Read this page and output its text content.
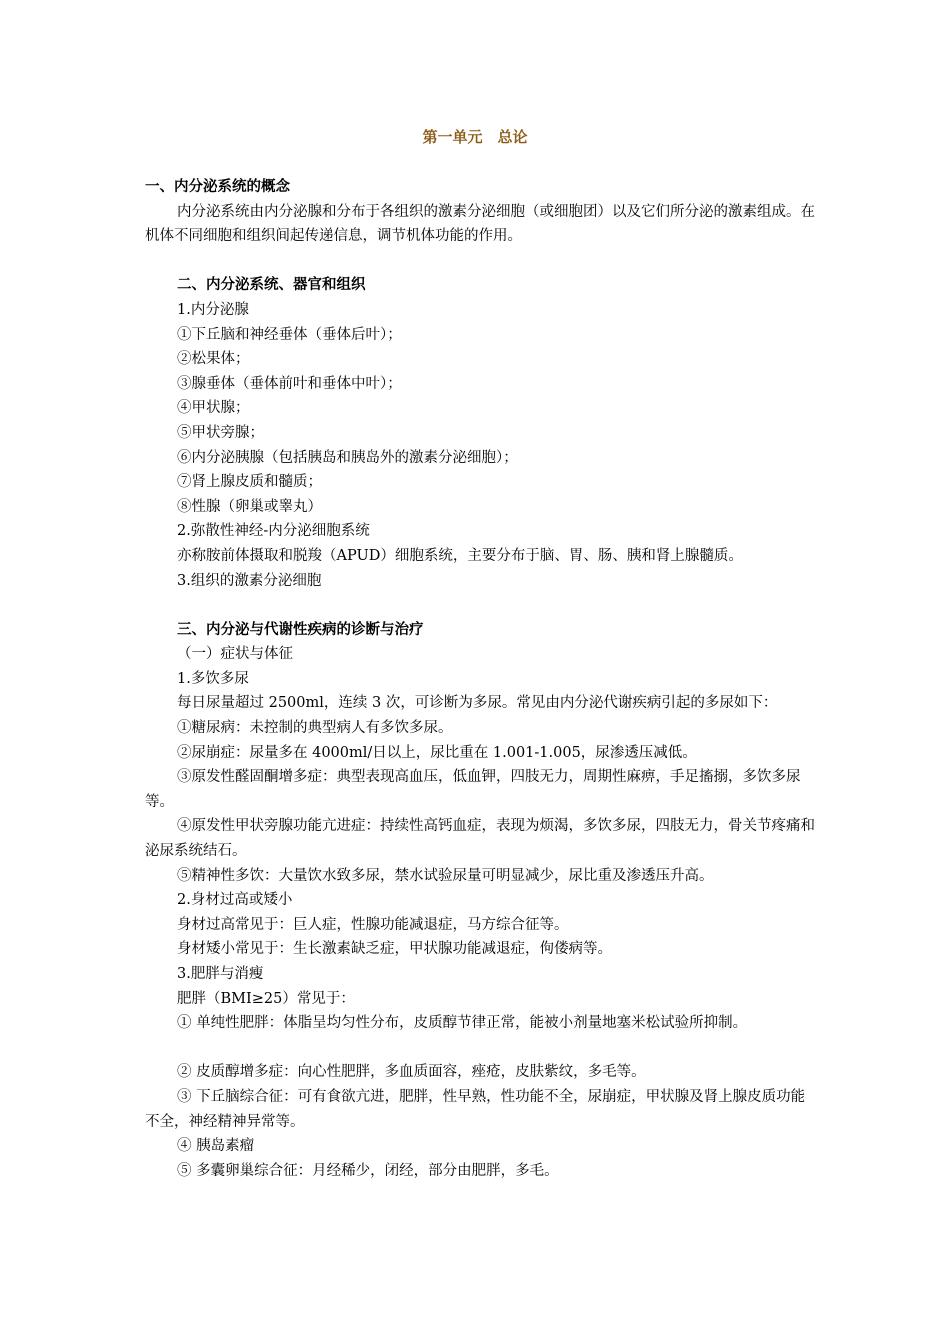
第一单元　总论

一、内分泌系统的概念

内分泌系统由内分泌腺和分布于各组织的激素分泌细胞（或细胞团）以及它们所分泌的激素组成。在机体不同细胞和组织间起传递信息，调节机体功能的作用。

二、内分泌系统、器官和组织

1.内分泌腺

①下丘脑和神经垂体（垂体后叶）；

②松果体；

③腺垂体（垂体前叶和垂体中叶）；

④甲状腺；

⑤甲状旁腺；

⑥内分泌胰腺（包括胰岛和胰岛外的激素分泌细胞）；

⑦肾上腺皮质和髓质；

⑧性腺（卵巢或睾丸）

2.弥散性神经-内分泌细胞系统

亦称胺前体摄取和脱羧（APUD）细胞系统，主要分布于脑、胃、肠、胰和肾上腺髓质。

3.组织的激素分泌细胞

三、内分泌与代谢性疾病的诊断与治疗

（一）症状与体征

1.多饮多尿

每日尿量超过 2500ml，连续 3 次，可诊断为多尿。常见由内分泌代谢疾病引起的多尿如下：

①糖尿病：未控制的典型病人有多饮多尿。

②尿崩症：尿量多在 4000ml/日以上，尿比重在 1.001-1.005，尿渗透压减低。

③原发性醛固酮增多症：典型表现高血压，低血钾，四肢无力，周期性麻痹，手足搐搦，多饮多尿等。

④原发性甲状旁腺功能亢进症：持续性高钙血症，表现为烦渴，多饮多尿，四肢无力，骨关节疼痛和泌尿系统结石。

⑤精神性多饮：大量饮水致多尿，禁水试验尿量可明显减少，尿比重及渗透压升高。

2.身材过高或矮小

身材过高常见于：巨人症，性腺功能减退症，马方综合征等。

身材矮小常见于：生长激素缺乏症，甲状腺功能减退症，佝偻病等。

3.肥胖与消瘦

肥胖（BMI≥25）常见于：

① 单纯性肥胖：体脂呈均匀性分布，皮质醇节律正常，能被小剂量地塞米松试验所抑制。

② 皮质醇增多症：向心性肥胖，多血质面容，痤疮，皮肤紫纹，多毛等。

③ 下丘脑综合征：可有食欲亢进，肥胖，性早熟，性功能不全，尿崩症，甲状腺及肾上腺皮质功能不全，神经精神异常等。

④ 胰岛素瘤

⑤ 多囊卵巢综合征：月经稀少，闭经，部分由肥胖，多毛。
